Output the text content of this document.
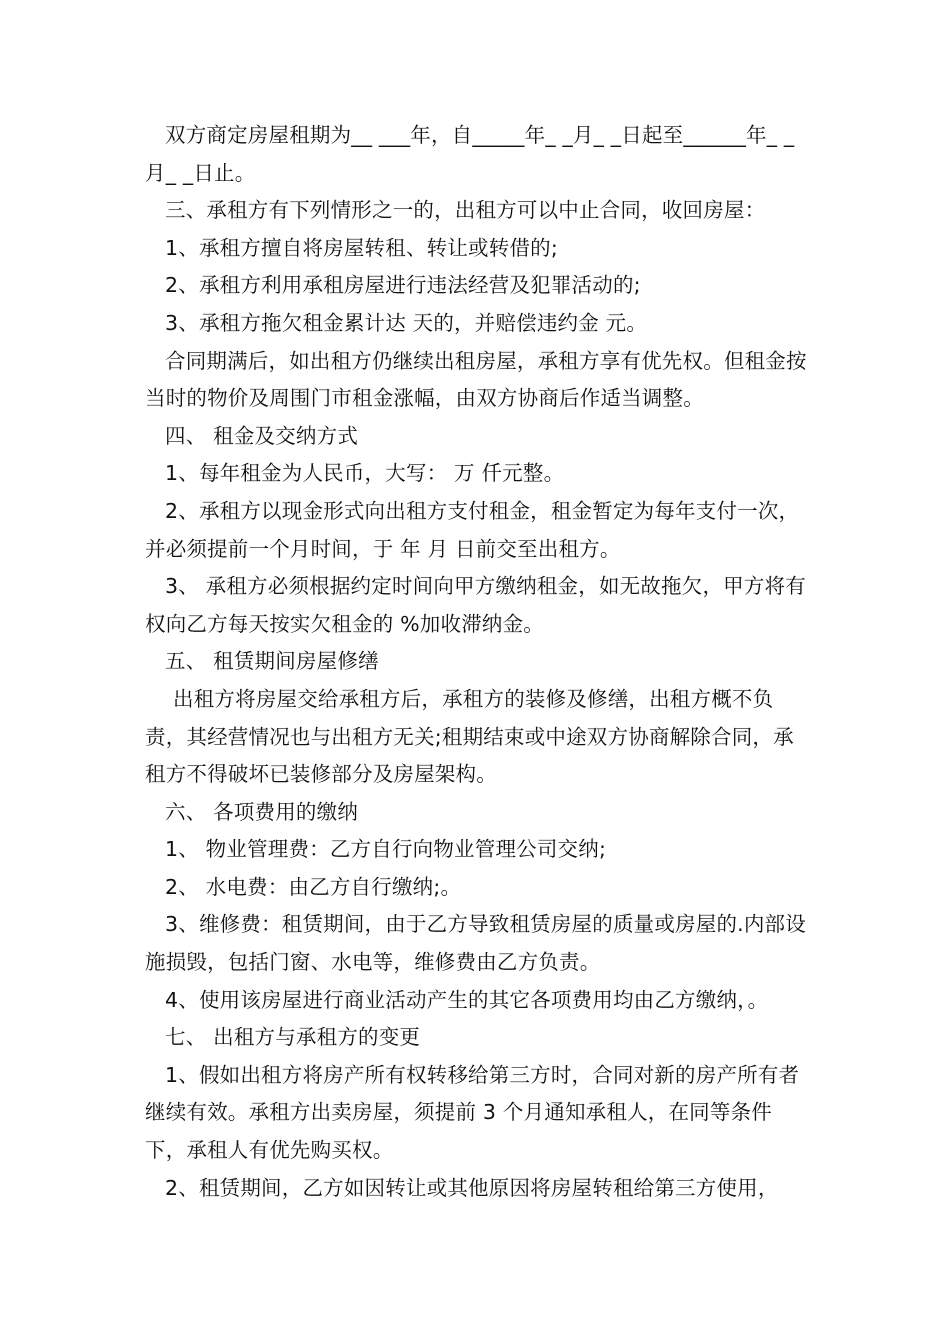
双方商定房屋租期为__ ___年，自_____年_ _月_ _日起至______年_ _月_ _日止。

三、承租方有下列情形之一的，出租方可以中止合同，收回房屋：

1、承租方擅自将房屋转租、转让或转借的;

2、承租方利用承租房屋进行违法经营及犯罪活动的;

3、承租方拖欠租金累计达 天的，并赔偿违约金 元。

合同期满后，如出租方仍继续出租房屋，承租方享有优先权。但租金按当时的物价及周围门市租金涨幅，由双方协商后作适当调整。

四、 租金及交纳方式

1、每年租金为人民币，大写： 万 仟元整。

2、承租方以现金形式向出租方支付租金，租金暂定为每年支付一次，并必须提前一个月时间，于 年 月 日前交至出租方。

3、 承租方必须根据约定时间向甲方缴纳租金，如无故拖欠，甲方将有权向乙方每天按实欠租金的 %加收滞纳金。

五、 租赁期间房屋修缮

出租方将房屋交给承租方后，承租方的装修及修缮，出租方概不负责，其经营情况也与出租方无关;租期结束或中途双方协商解除合同，承租方不得破坏已装修部分及房屋架构。

六、 各项费用的缴纳

1、 物业管理费：乙方自行向物业管理公司交纳;

2、 水电费：由乙方自行缴纳;。

3、维修费：租赁期间，由于乙方导致租赁房屋的质量或房屋的.内部设施损毁，包括门窗、水电等，维修费由乙方负责。

4、使用该房屋进行商业活动产生的其它各项费用均由乙方缴纳，。

七、 出租方与承租方的变更

1、假如出租方将房产所有权转移给第三方时，合同对新的房产所有者继续有效。承租方出卖房屋，须提前 3 个月通知承租人，在同等条件下，承租人有优先购买权。

2、租赁期间，乙方如因转让或其他原因将房屋转租给第三方使用，
